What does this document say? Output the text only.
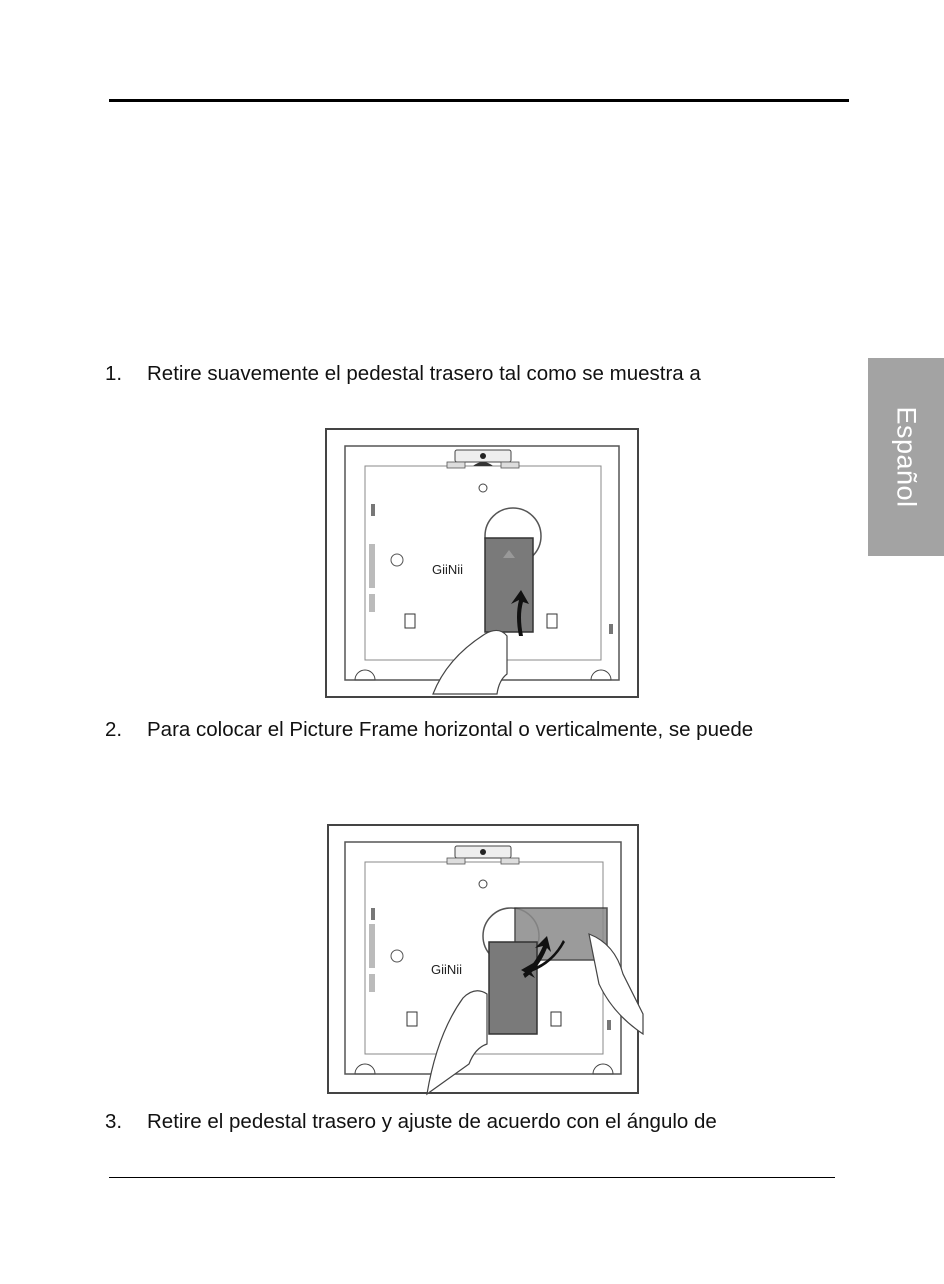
Español
1. Retire suavemente el pedestal trasero tal como se muestra a
GiiNii
2. Para colocar el Picture Frame horizontal o verticalmente, se puede
GiiNii
3. Retire el pedestal trasero y ajuste de acuerdo con el ángulo de
